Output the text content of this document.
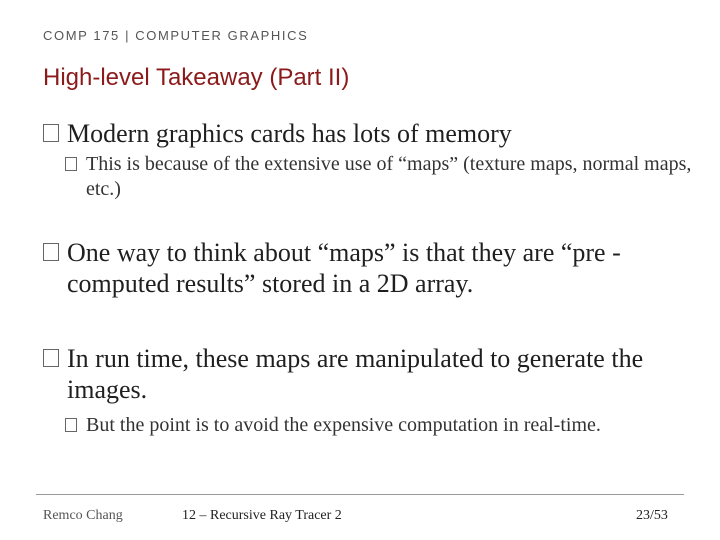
COMP 175 | COMPUTER GRAPHICS
High-level Takeaway (Part II)
Modern graphics cards has lots of memory
This is because of the extensive use of “maps” (texture maps, normal maps, etc.)
One way to think about “maps” is that they are “pre -computed results” stored in a 2D array.
In run time, these maps are manipulated to generate the images.
But the point is to avoid the expensive computation in real-time.
Remco Chang	12 – Recursive Ray Tracer 2	23/53
